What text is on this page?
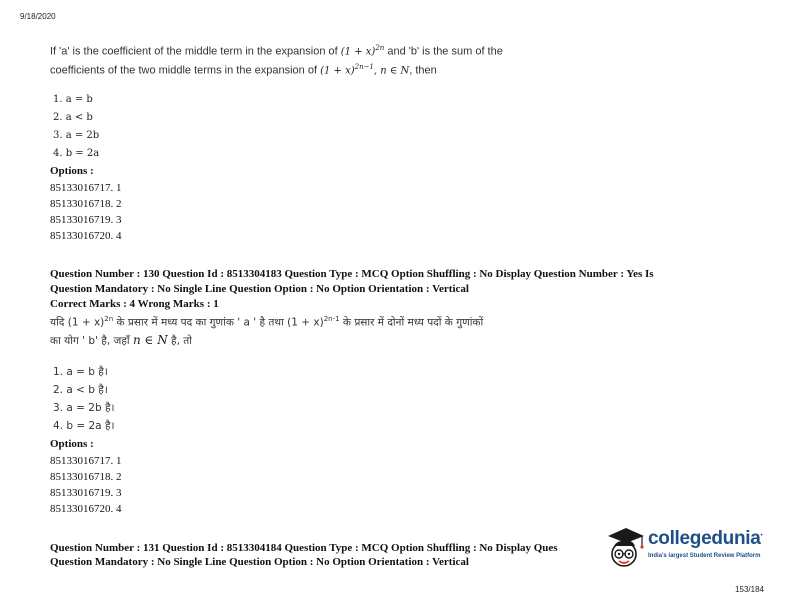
9/18/2020
If 'a' is the coefficient of the middle term in the expansion of $(1 + x)^{2n}$ and 'b' is the sum of the
coefficients of the two middle terms in the expansion of $(1 + x)^{2n-1}$, n ∈ N, then
1. a = b
2. a < b
3. a = 2b
4. b = 2a
Options :
85133016717. 1
85133016718. 2
85133016719. 3
85133016720. 4
Question Number : 130 Question Id : 8513304183 Question Type : MCQ Option Shuffling : No Display Question Number : Yes Is
Question Mandatory : No Single Line Question Option : No Option Orientation : Vertical
Correct Marks : 4 Wrong Marks : 1
यदि $(1 + x)^{2n}$ के प्रसार में मध्य पद का गुणांक ' a ' है तथा $(1 + x)^{2n-1}$ के प्रसार में दोनों मध्य पदों के गुणांकों
का योग ' b' है, जहाँ n ∈ N है, तो
1. a = b है।
2. a < b है।
3. a = 2b है।
4. b = 2a है।
Options :
85133016717. 1
85133016718. 2
85133016719. 3
85133016720. 4
Question Number : 131 Question Id : 8513304184 Question Type : MCQ Option Shuffling : No Display Ques
Question Mandatory : No Single Line Question Option : No Option Orientation : Vertical
collegedunia•
India's largest Student Review Platform
153/184
